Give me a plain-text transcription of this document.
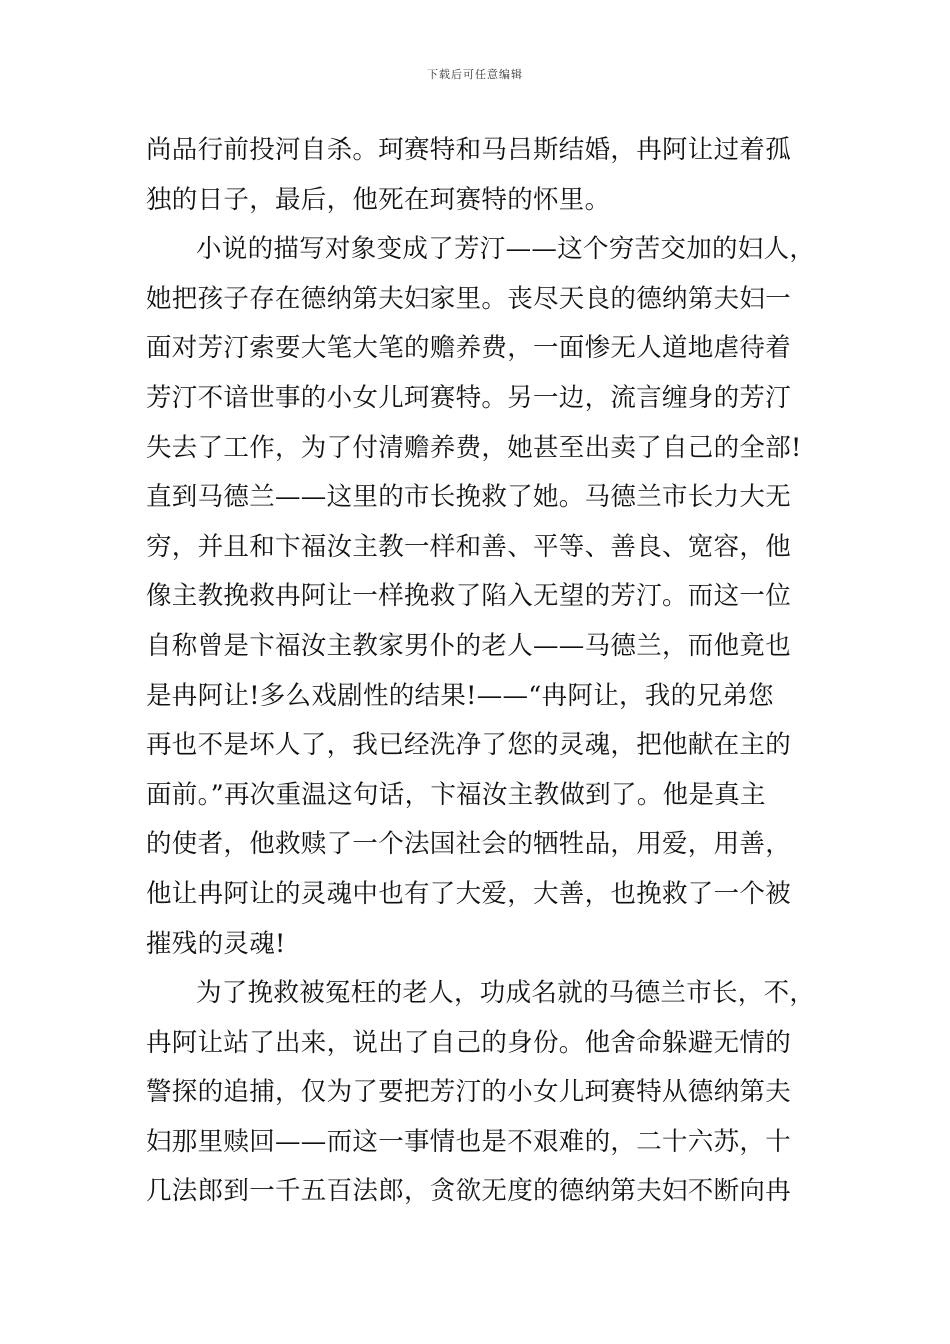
下载后可任意编辑
尚品行前投河自杀。珂赛特和马吕斯结婚，冉阿让过着孤
独的日子，最后，他死在珂赛特的怀里。
小说的描写对象变成了芳汀——这个穷苦交加的妇人，
她把孩子存在德纳第夫妇家里。丧尽天良的德纳第夫妇一
面对芳汀索要大笔大笔的赡养费，一面惨无人道地虐待着
芳汀不谙世事的小女儿珂赛特。另一边，流言缠身的芳汀
失去了工作，为了付清赡养费，她甚至出卖了自己的全部!
直到马德兰——这里的市长挽救了她。马德兰市长力大无
穷，并且和卞福汝主教一样和善、平等、善良、宽容，他
像主教挽救冉阿让一样挽救了陷入无望的芳汀。而这一位
自称曾是卞福汝主教家男仆的老人——马德兰，而他竟也
是冉阿让!多么戏剧性的结果!——“冉阿让，我的兄弟您
再也不是坏人了，我已经洗净了您的灵魂，把他献在主的
面前。”再次重温这句话，卞福汝主教做到了。他是真主
的使者，他救赎了一个法国社会的牺牲品，用爱，用善，
他让冉阿让的灵魂中也有了大爱，大善，也挽救了一个被
摧残的灵魂!
为了挽救被冤枉的老人，功成名就的马德兰市长，不，
冉阿让站了出来，说出了自己的身份。他舍命躲避无情的
警探的追捕，仅为了要把芳汀的小女儿珂赛特从德纳第夫
妇那里赎回——而这一事情也是不艰难的，二十六苏，十
几法郎到一千五百法郎，贪欲无度的德纳第夫妇不断向冉
